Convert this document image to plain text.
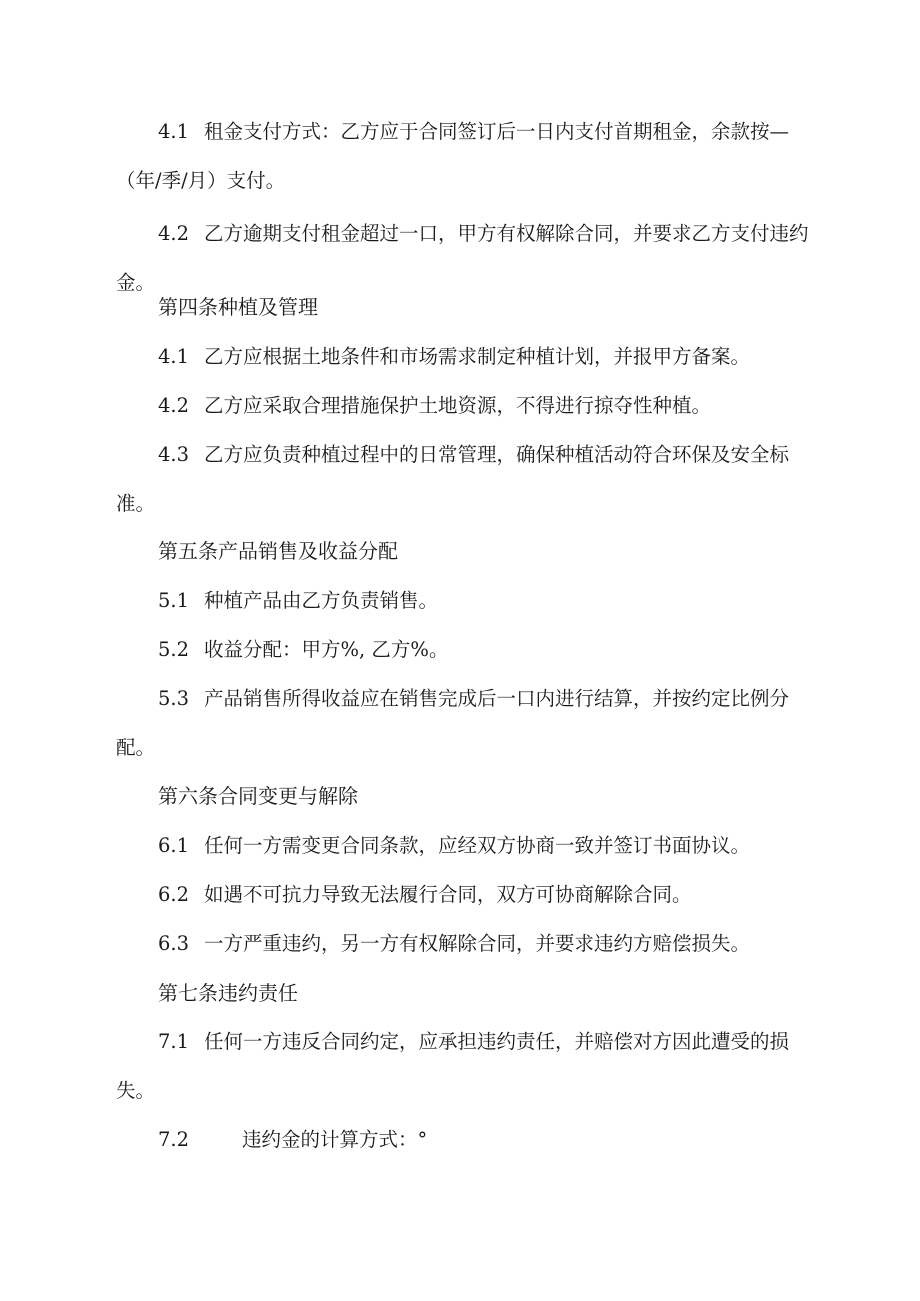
4.1 租金支付方式：乙方应于合同签订后一日内支付首期租金，余款按—（年/季/月）支付。

4.2 乙方逾期支付租金超过一口，甲方有权解除合同，并要求乙方支付违约金。

第四条种植及管理

4.1 乙方应根据土地条件和市场需求制定种植计划，并报甲方备案。

4.2 乙方应采取合理措施保护土地资源，不得进行掠夺性种植。

4.3 乙方应负责种植过程中的日常管理，确保种植活动符合环保及安全标准。

第五条产品销售及收益分配

5.1 种植产品由乙方负责销售。

5.2 收益分配：甲方%, 乙方%。

5.3 产品销售所得收益应在销售完成后一口内进行结算，并按约定比例分配。

第六条合同变更与解除

6.1 任何一方需变更合同条款，应经双方协商一致并签订书面协议。

6.2 如遇不可抗力导致无法履行合同，双方可协商解除合同。

6.3 一方严重违约，另一方有权解除合同，并要求违约方赔偿损失。

第七条违约责任

7.1 任何一方违反合同约定，应承担违约责任，并赔偿对方因此遭受的损失。

7.2	违约金的计算方式：°
